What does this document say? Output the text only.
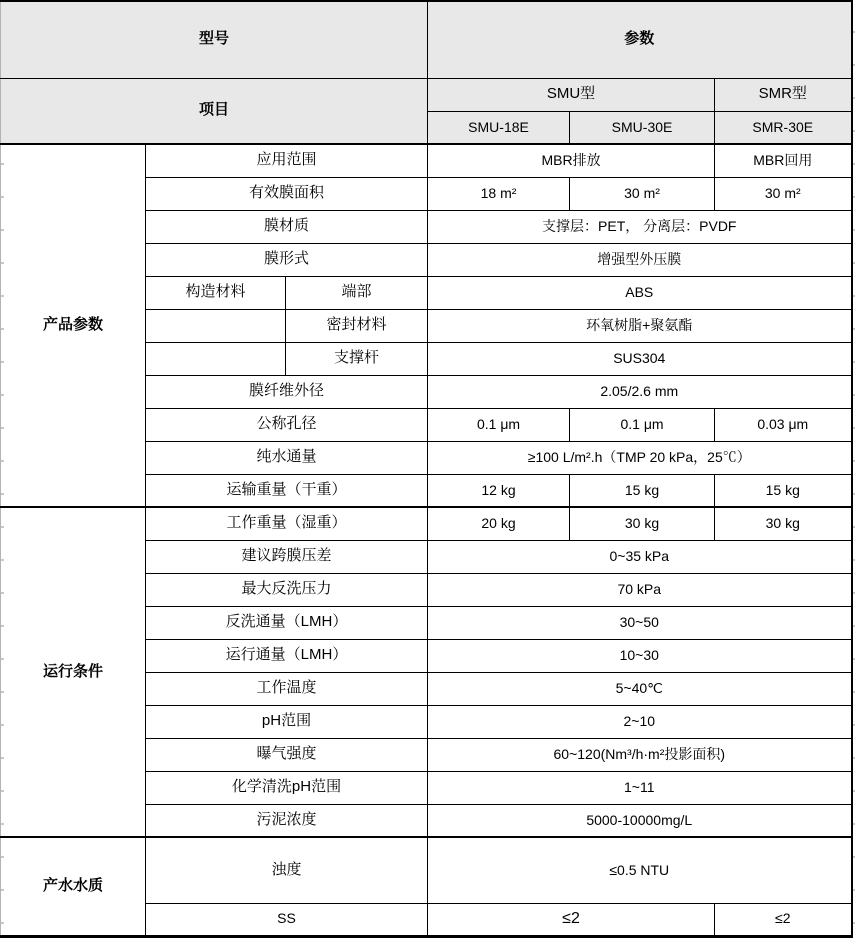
型号			参数		
项目			SMU型		SMR型
			SMU-18E	SMU-30E	SMR-30E
产品参数	应用范围		MBR排放		MBR回用
	有效膜面积		18 m²	30 m²	30 m²
	膜材质		支撑层：PET， 分离层：PVDF		
	膜形式		增强型外压膜		
	构造材料	端部	ABS		
		密封材料	环氧树脂+聚氨酯		
		支撑杆	SUS304		
	膜纤维外径		2.05/2.6 mm		
	公称孔径		0.1 μm	0.1 μm	0.03 μm
	纯水通量		≥100 L/m².h（TMP 20 kPa，25℃）		
	运输重量（干重）		12 kg	15 kg	15 kg
运行条件	工作重量（湿重）		20 kg	30 kg	30 kg
	建议跨膜压差		0~35 kPa		
	最大反洗压力		70 kPa		
	反洗通量（LMH）		30~50		
	运行通量（LMH）		10~30		
	工作温度		5~40℃		
	pH范围		2~10		
	曝气强度		60~120(Nm³/h·m²投影面积)		
	化学清洗pH范围		1~11		
	污泥浓度		5000-10000mg/L		
产水水质	浊度		≤0.5 NTU		
	SS		≤2		≤2
